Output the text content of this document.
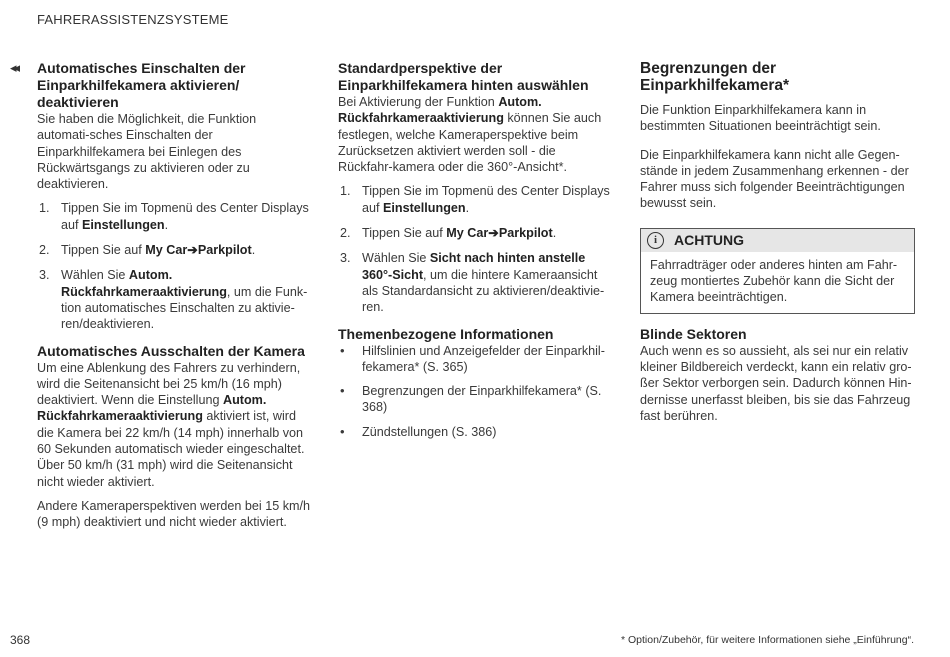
FAHRERASSISTENZSYSTEME
◂◂ Automatisches Einschalten der Einparkhilfekamera aktivieren/ deaktivieren

Sie haben die Möglichkeit, die Funktion automati-sches Einschalten der Einparkhilfekamera bei Einlegen des Rückwärtsgangs zu aktivieren oder zu deaktivieren.

1. Tippen Sie im Topmenü des Center Displays auf Einstellungen.
2. Tippen Sie auf My Car➔Parkpilot.
3. Wählen Sie Autom. Rückfahrkameraaktivierung, um die Funk-tion automatisches Einschalten zu aktivie-ren/deaktivieren.
Automatisches Ausschalten der Kamera

Um eine Ablenkung des Fahrers zu verhindern, wird die Seitenansicht bei 25 km/h (16 mph) deaktiviert. Wenn die Einstellung Autom. Rückfahrkameraaktivierung aktiviert ist, wird die Kamera bei 22 km/h (14 mph) innerhalb von 60 Sekunden automatisch wieder eingeschaltet. Über 50 km/h (31 mph) wird die Seitenansicht nicht wieder aktiviert.

Andere Kameraperspektiven werden bei 15 km/h (9 mph) deaktiviert und nicht wieder aktiviert.

Standardperspektive der Einparkhilfekamera hinten auswählen

Bei Aktivierung der Funktion Autom. Rückfahrkameraaktivierung können Sie auch festlegen, welche Kameraperspektive beim Zurücksetzen aktiviert werden soll - die Rückfahr-kamera oder die 360°-Ansicht*.

1. Tippen Sie im Topmenü des Center Displays auf Einstellungen.
2. Tippen Sie auf My Car➔Parkpilot.
3. Wählen Sie Sicht nach hinten anstelle 360°-Sicht, um die hintere Kameraansicht als Standardansicht zu aktivieren/deaktivie-ren.
Themenbezogene Informationen
• Hilfslinien und Anzeigefelder der Einparkhil-fekamera* (S. 365)
• Begrenzungen der Einparkhilfekamera* (S. 368)
• Zündstellungen (S. 386)
Begrenzungen der Einparkhilfekamera*

Die Funktion Einparkhilfekamera kann in bestimmten Situationen beeinträchtigt sein.

Die Einparkhilfekamera kann nicht alle Gegen-stände in jedem Zusammenhang erkennen - der Fahrer muss sich folgender Beeinträchtigungen bewusst sein.

i	ACHTUNG
Fahrradträger oder anderes hinten am Fahr-zeug montiertes Zubehör kann die Sicht der Kamera beeinträchtigen.
Blinde Sektoren

Auch wenn es so aussieht, als sei nur ein relativ kleiner Bildbereich verdeckt, kann ein relativ gro-ßer Sektor verborgen sein. Dadurch können Hin-dernisse unerfasst bleiben, bis sie das Fahrzeug fast berühren.

368	* Option/Zubehör, für weitere Informationen siehe „Einführung“.
